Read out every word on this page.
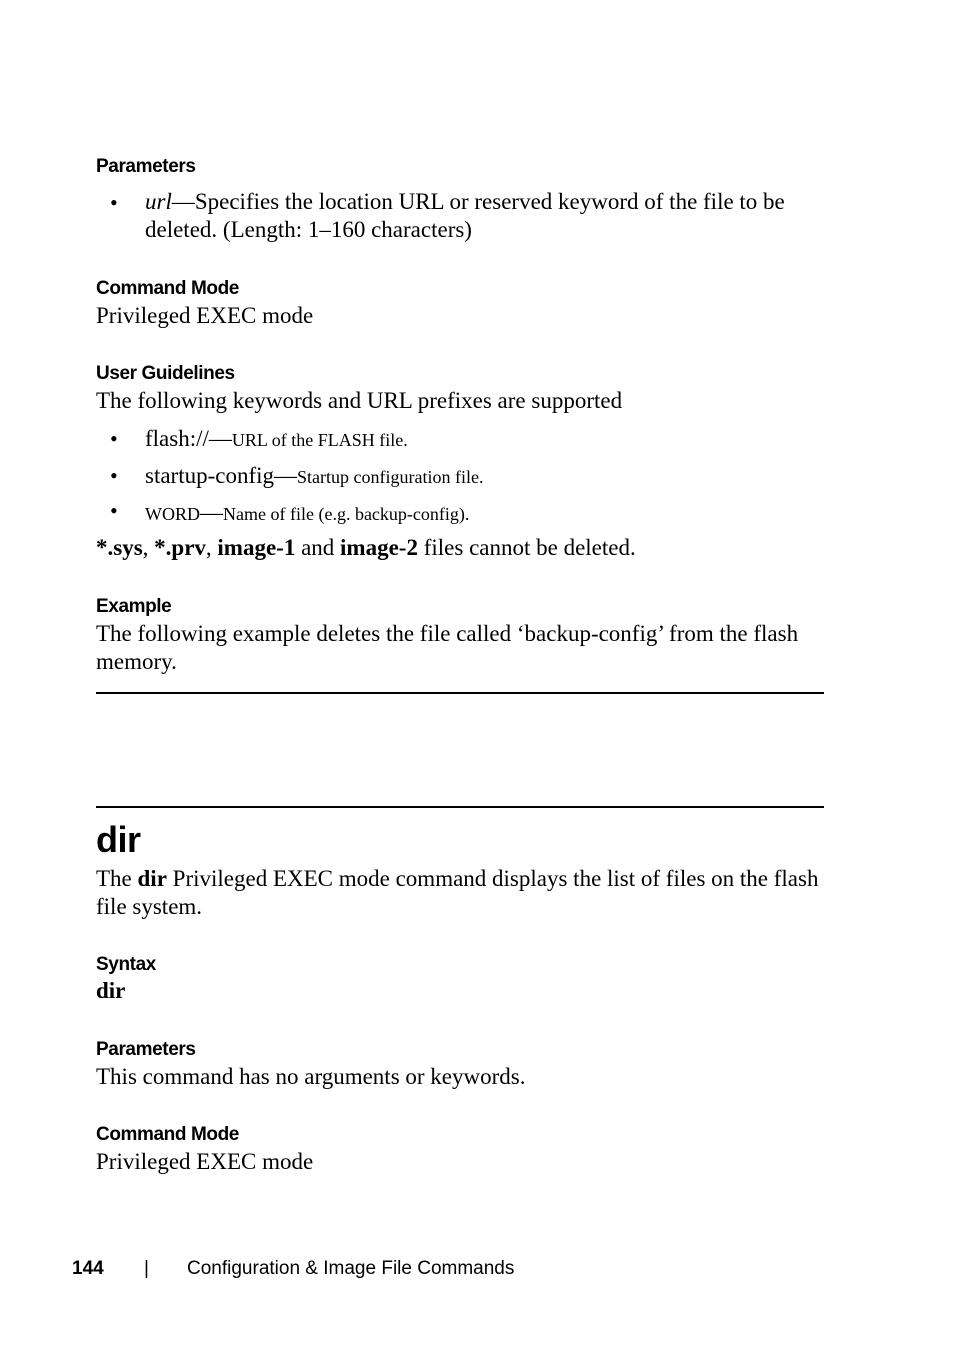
Parameters
• url—Specifies the location URL or reserved keyword of the file to be deleted. (Length: 1–160 characters)
Command Mode
Privileged EXEC mode
User Guidelines
The following keywords and URL prefixes are supported
• flash://—URL of the FLASH file.
• startup-config—Startup configuration file.
• WORD—Name of file (e.g. backup-config).
*.sys, *.prv, image-1 and image-2 files cannot be deleted.
Example
The following example deletes the file called ‘backup-config’ from the flash memory.
dir
The dir Privileged EXEC mode command displays the list of files on the flash file system.
Syntax
dir
Parameters
This command has no arguments or keywords.
Command Mode
Privileged EXEC mode
144 | Configuration & Image File Commands
